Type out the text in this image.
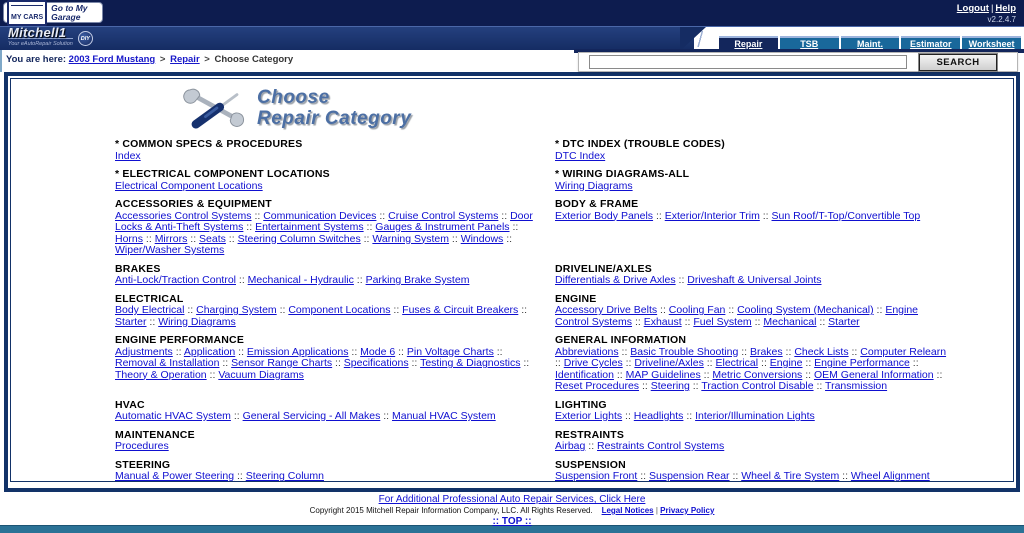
MY CARS
Go to My Garage
Logout | Help
v2.2.4.7
Mitchell1
Your eAutoRepair Solution
DIY
Repair	TSB	Maint.	Estimator	Worksheet
You are here: 2003 Ford Mustang > Repair > Choose Category	SEARCH
Choose
Repair Category
* COMMON SPECS & PROCEDURES
Index
* DTC INDEX (TROUBLE CODES)
DTC Index
* ELECTRICAL COMPONENT LOCATIONS
Electrical Component Locations
* WIRING DIAGRAMS-ALL
Wiring Diagrams
ACCESSORIES & EQUIPMENT
Accessories Control Systems :: Communication Devices :: Cruise Control Systems :: Door Locks & Anti-Theft Systems :: Entertainment Systems :: Gauges & Instrument Panels :: Horns :: Mirrors :: Seats :: Steering Column Switches :: Warning System :: Windows :: Wiper/Washer Systems
BODY & FRAME
Exterior Body Panels :: Exterior/Interior Trim :: Sun Roof/T-Top/Convertible Top
BRAKES
Anti-Lock/Traction Control :: Mechanical - Hydraulic :: Parking Brake System
DRIVELINE/AXLES
Differentials & Drive Axles :: Driveshaft & Universal Joints
ELECTRICAL
Body Electrical :: Charging System :: Component Locations :: Fuses & Circuit Breakers :: Starter :: Wiring Diagrams
ENGINE
Accessory Drive Belts :: Cooling Fan :: Cooling System (Mechanical) :: Engine Control Systems :: Exhaust :: Fuel System :: Mechanical :: Starter
ENGINE PERFORMANCE
Adjustments :: Application :: Emission Applications :: Mode 6 :: Pin Voltage Charts :: Removal & Installation :: Sensor Range Charts :: Specifications :: Testing & Diagnostics :: Theory & Operation :: Vacuum Diagrams
GENERAL INFORMATION
Abbreviations :: Basic Trouble Shooting :: Brakes :: Check Lists :: Computer Relearn :: Drive Cycles :: Driveline/Axles :: Electrical :: Engine :: Engine Performance :: Identification :: MAP Guidelines :: Metric Conversions :: OEM General Information :: Reset Procedures :: Steering :: Traction Control Disable :: Transmission
HVAC
Automatic HVAC System :: General Servicing - All Makes :: Manual HVAC System
LIGHTING
Exterior Lights :: Headlights :: Interior/Illumination Lights
MAINTENANCE
Procedures
RESTRAINTS
Airbag :: Restraints Control Systems
STEERING
Manual & Power Steering :: Steering Column
SUSPENSION
Suspension Front :: Suspension Rear :: Wheel & Tire System :: Wheel Alignment
For Additional Professional Auto Repair Services, Click Here
Copyright 2015 Mitchell Repair Information Company, LLC. All Rights Reserved. Legal Notices | Privacy Policy
:: TOP ::
